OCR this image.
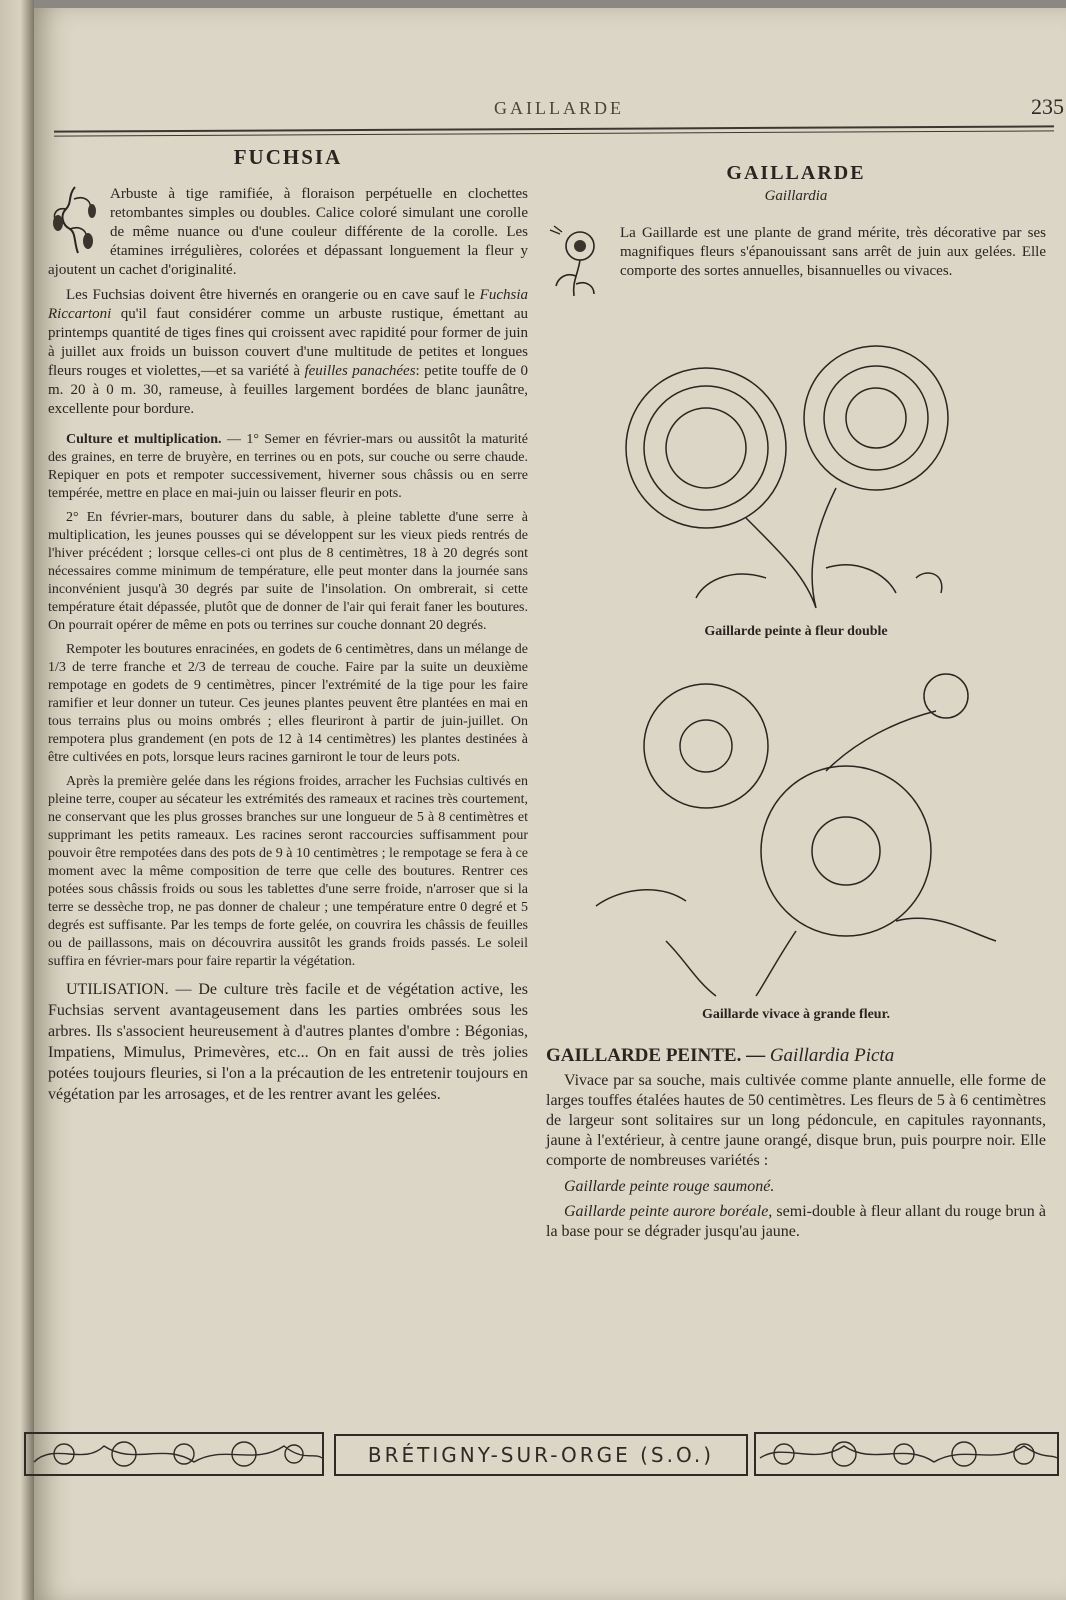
GAILLARDE	235
FUCHSIA

Arbuste à tige ramifiée, à floraison perpétuelle en clochettes retombantes simples ou doubles. Calice coloré simulant une corolle de même nuance ou d'une couleur différente de la corolle. Les étamines irrégulières, colorées et dépassant longuement la fleur y ajoutent un cachet d'originalité.

Les Fuchsias doivent être hivernés en orangerie ou en cave sauf le Fuchsia Riccartoni qu'il faut considérer comme un arbuste rustique, émettant au printemps quantité de tiges fines qui croissent avec rapidité pour former de juin à juillet aux froids un buisson couvert d'une multitude de petites et longues fleurs rouges et violettes,—et sa variété à feuilles panachées: petite touffe de 0 m. 20 à 0 m. 30, rameuse, à feuilles largement bordées de blanc jaunâtre, excellente pour bordure.

Culture et multiplication. — 1° Semer en février-mars ou aussitôt la maturité des graines, en terre de bruyère, en terrines ou en pots, sur couche ou serre chaude. Repiquer en pots et rempoter successivement, hiverner sous châssis ou en serre tempérée, mettre en place en mai-juin ou laisser fleurir en pots.

2° En février-mars, bouturer dans du sable, à pleine tablette d'une serre à multiplication, les jeunes pousses qui se développent sur les vieux pieds rentrés de l'hiver précédent ; lorsque celles-ci ont plus de 8 centimètres, 18 à 20 degrés sont nécessaires comme minimum de température, elle peut monter dans la journée sans inconvénient jusqu'à 30 degrés par suite de l'insolation. On ombrerait, si cette température était dépassée, plutôt que de donner de l'air qui ferait faner les boutures. On pourrait opérer de même en pots ou terrines sur couche donnant 20 degrés.

Rempoter les boutures enracinées, en godets de 6 centimètres, dans un mélange de 1/3 de terre franche et 2/3 de terreau de couche. Faire par la suite un deuxième rempotage en godets de 9 centimètres, pincer l'extrémité de la tige pour les faire ramifier et leur donner un tuteur. Ces jeunes plantes peuvent être plantées en mai en tous terrains plus ou moins ombrés ; elles fleuriront à partir de juin-juillet. On rempotera plus grandement (en pots de 12 à 14 centimètres) les plantes destinées à être cultivées en pots, lorsque leurs racines garniront le tour de leurs pots.

Après la première gelée dans les régions froides, arracher les Fuchsias cultivés en pleine terre, couper au sécateur les extrémités des rameaux et racines très courtement, ne conservant que les plus grosses branches sur une longueur de 5 à 8 centimètres et supprimant les petits rameaux. Les racines seront raccourcies suffisamment pour pouvoir être rempotées dans des pots de 9 à 10 centimètres ; le rempotage se fera à ce moment avec la même composition de terre que celle des boutures. Rentrer ces potées sous châssis froids ou sous les tablettes d'une serre froide, n'arroser que si la terre se dessèche trop, ne pas donner de chaleur ; une température entre 0 degré et 5 degrés est suffisante. Par les temps de forte gelée, on couvrira les châssis de feuilles ou de paillassons, mais on découvrira aussitôt les grands froids passés. Le soleil suffira en février-mars pour faire repartir la végétation.

UTILISATION. — De culture très facile et de végétation active, les Fuchsias servent avantageusement dans les parties ombrées sous les arbres. Ils s'associent heureusement à d'autres plantes d'ombre : Bégonias, Impatiens, Mimulus, Primevères, etc... On en fait aussi de très jolies potées toujours fleuries, si l'on a la précaution de les entretenir toujours en végétation par les arrosages, et de les rentrer avant les gelées.

GAILLARDE
Gaillardia

La Gaillarde est une plante de grand mérite, très décorative par ses magnifiques fleurs s'épanouissant sans arrêt de juin aux gelées. Elle comporte des sortes annuelles, bisannuelles ou vivaces.

Gaillarde peinte à fleur double
Gaillarde vivace à grande fleur.
GAILLARDE PEINTE. — Gaillardia Picta

Vivace par sa souche, mais cultivée comme plante annuelle, elle forme de larges touffes étalées hautes de 50 centimètres. Les fleurs de 5 à 6 centimètres de largeur sont solitaires sur un long pédoncule, en capitules rayonnants, jaune à l'extérieur, à centre jaune orangé, disque brun, puis pourpre noir. Elle comporte de nombreuses variétés :

Gaillarde peinte rouge saumoné.

Gaillarde peinte aurore boréale, semi-double à fleur allant du rouge brun à la base pour se dégrader jusqu'au jaune.

BRÉTIGNY-SUR-ORGE (S.O.)
